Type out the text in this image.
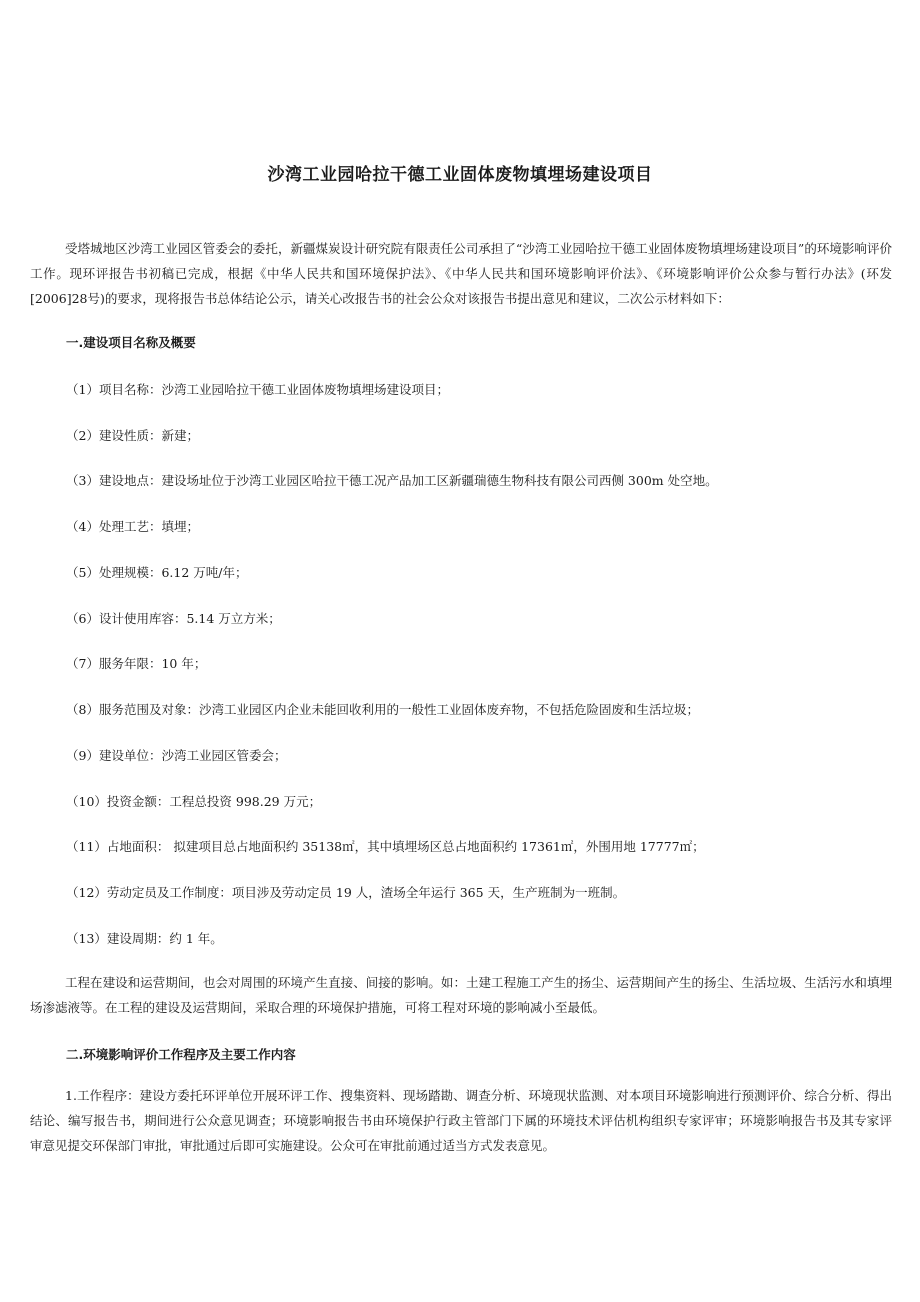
沙湾工业园哈拉干德工业固体废物填埋场建设项目
受塔城地区沙湾工业园区管委会的委托，新疆煤炭设计研究院有限责任公司承担了“沙湾工业园哈拉干德工业固体废物填埋场建设项目”的环境影响评价工作。现环评报告书初稿已完成，根据《中华人民共和国环境保护法》、《中华人民共和国环境影响评价法》、《环境影响评价公众参与暂行办法》(环发[2006]28号)的要求，现将报告书总体结论公示，请关心改报告书的社会公众对该报告书提出意见和建议，二次公示材料如下：
一.建设项目名称及概要
（1）项目名称：沙湾工业园哈拉干德工业固体废物填埋场建设项目；
（2）建设性质：新建；
（3）建设地点：建设场址位于沙湾工业园区哈拉干德工况产品加工区新疆瑞德生物科技有限公司西侧 300m 处空地。
（4）处理工艺：填埋；
（5）处理规模：6.12 万吨/年；
（6）设计使用库容：5.14 万立方米；
（7）服务年限：10 年；
（8）服务范围及对象：沙湾工业园区内企业未能回收利用的一般性工业固体废弃物，不包括危险固废和生活垃圾；
（9）建设单位：沙湾工业园区管委会；
（10）投资金额：工程总投资 998.29 万元；
（11）占地面积： 拟建项目总占地面积约 35138㎡，其中填埋场区总占地面积约 17361㎡，外围用地 17777㎡；
（12）劳动定员及工作制度：项目涉及劳动定员 19 人，渣场全年运行 365 天，生产班制为一班制。
（13）建设周期：约 1 年。
工程在建设和运营期间，也会对周围的环境产生直接、间接的影响。如：土建工程施工产生的扬尘、运营期间产生的扬尘、生活垃圾、生活污水和填埋场渗滤液等。在工程的建设及运营期间，采取合理的环境保护措施，可将工程对环境的影响减小至最低。
二.环境影响评价工作程序及主要工作内容
1.工作程序：建设方委托环评单位开展环评工作、搜集资料、现场踏勘、调查分析、环境现状监测、对本项目环境影响进行预测评价、综合分析、得出结论、编写报告书，期间进行公众意见调查；环境影响报告书由环境保护行政主管部门下属的环境技术评估机构组织专家评审；环境影响报告书及其专家评审意见提交环保部门审批，审批通过后即可实施建设。公众可在审批前通过适当方式发表意见。
